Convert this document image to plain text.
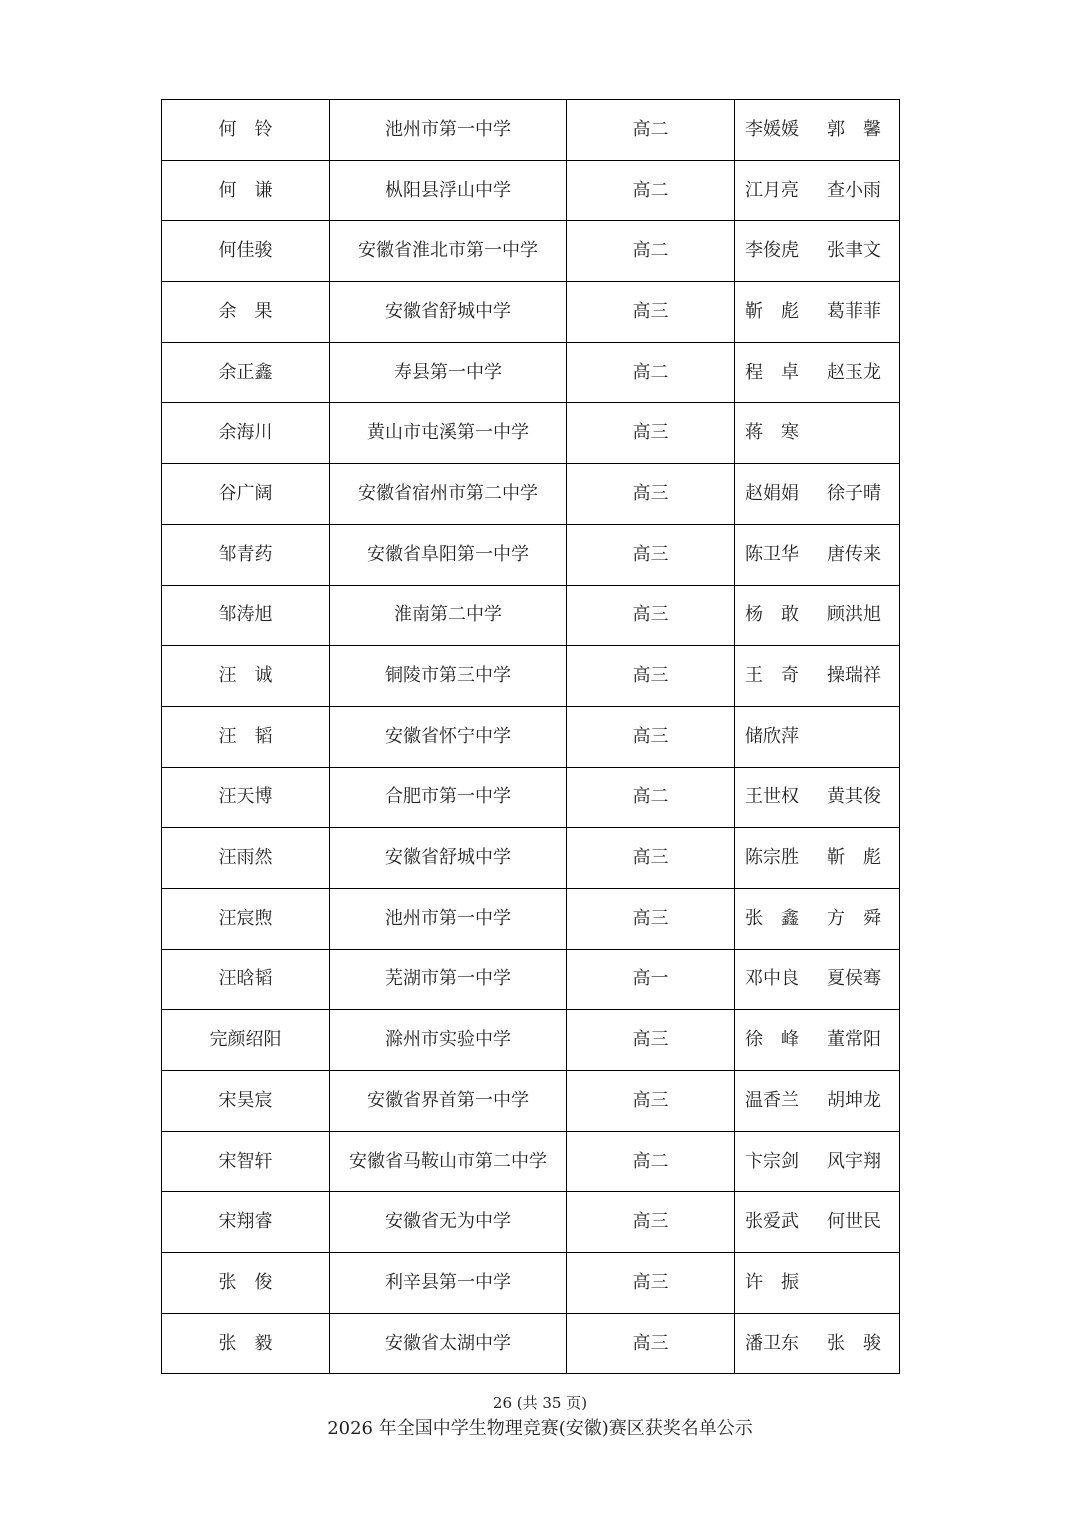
何　铃	池州市第一中学	高二	李媛媛 郭　馨

何　谦	枞阳县浮山中学	高二	江月亮 查小雨

何佳骏	安徽省淮北市第一中学	高二	李俊虎 张聿文

余　果	安徽省舒城中学	高三	靳　彪 葛菲菲

余正鑫	寿县第一中学	高二	程　卓 赵玉龙

余海川	黄山市屯溪第一中学	高三	蒋　寒

谷广阔	安徽省宿州市第二中学	高三	赵娟娟 徐子晴

邹青药	安徽省阜阳第一中学	高三	陈卫华 唐传来

邹涛旭	淮南第二中学	高三	杨　敢 顾洪旭

汪　诚	铜陵市第三中学	高三	王　奇 操瑞祥

汪　韬	安徽省怀宁中学	高三	储欣萍

汪天博	合肥市第一中学	高二	王世权 黄其俊

汪雨然	安徽省舒城中学	高三	陈宗胜 靳　彪

汪宸煦	池州市第一中学	高三	张　鑫 方　舜

汪晗韬	芜湖市第一中学	高一	邓中良 夏侯骞

完颜绍阳	滁州市实验中学	高三	徐　峰 董常阳

宋昊宸	安徽省界首第一中学	高三	温香兰 胡坤龙

宋智轩	安徽省马鞍山市第二中学	高二	卞宗剑 风宇翔

宋翔睿	安徽省无为中学	高三	张爱武 何世民

张　俊	利辛县第一中学	高三	许　振

张　毅	安徽省太湖中学	高三	潘卫东 张　骏
26 (共 35 页)
2026 年全国中学生物理竞赛(安徽)赛区获奖名单公示
